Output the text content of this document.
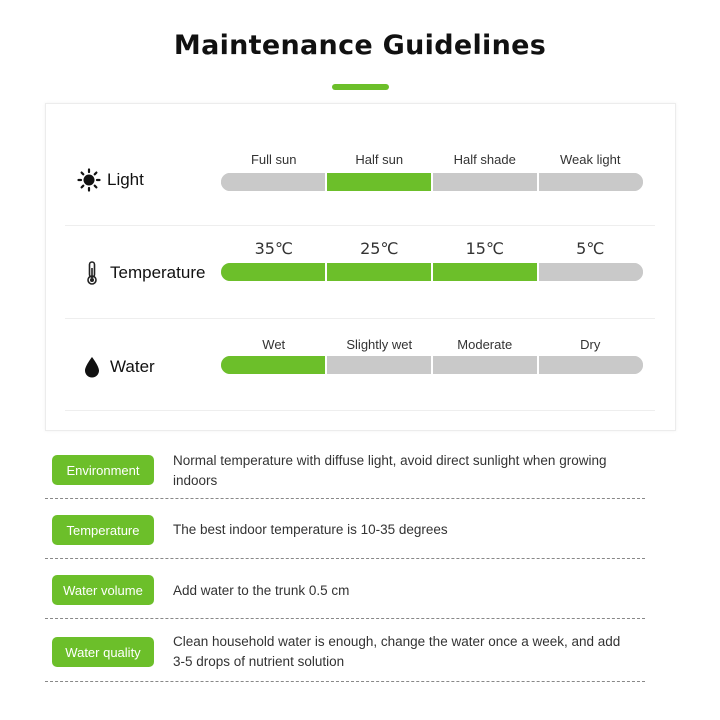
Maintenance Guidelines
Full sun	Half sun	Half shade	Weak light
Light
35℃	25℃	15℃	5℃
Temperature
Wet	Slightly wet	Moderate	Dry
Water
Environment
Normal temperature with diffuse light, avoid direct sunlight when growing indoors
Temperature	The best indoor temperature is 10-35 degrees
Water volume	Add water to the trunk 0.5 cm
Water quality
Clean household water is enough, change the water once a week, and add 3-5 drops of nutrient solution
